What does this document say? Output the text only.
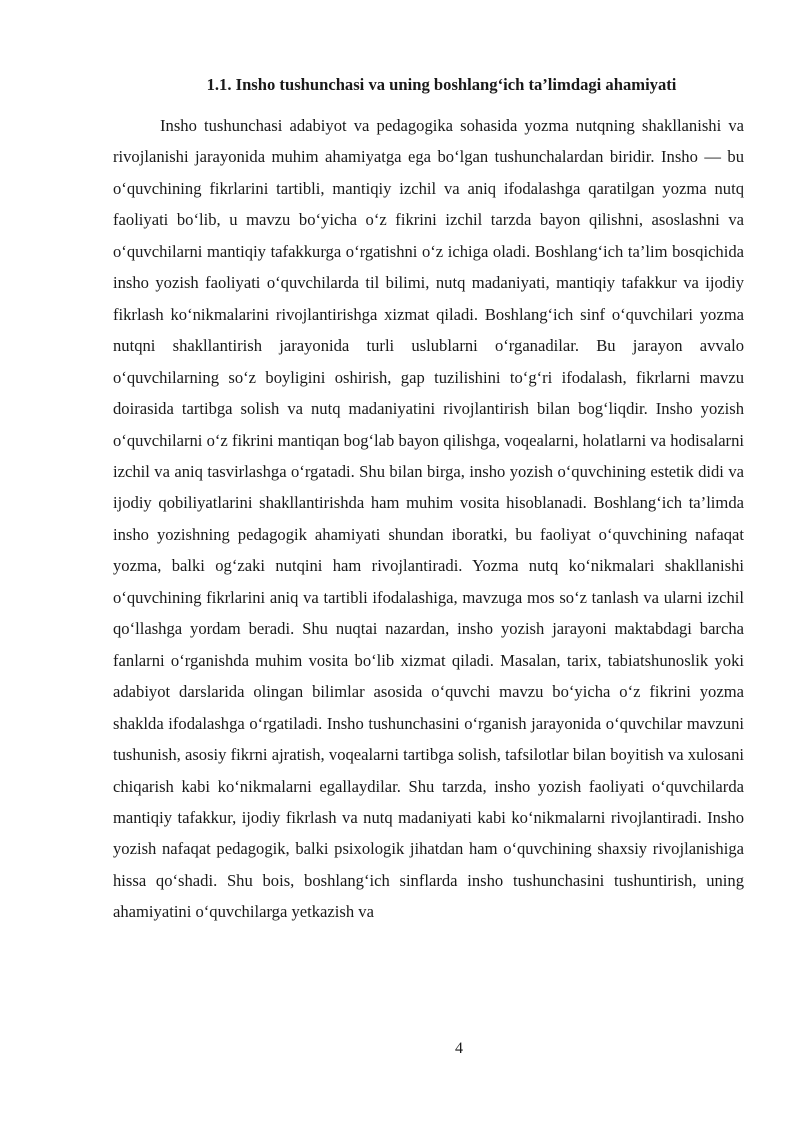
1.1. Insho tushunchasi va uning boshlang‘ich ta’limdagi ahamiyati

Insho tushunchasi adabiyot va pedagogika sohasida yozma nutqning shakllanishi va rivojlanishi jarayonida muhim ahamiyatga ega bo‘lgan tushunchalardan biridir. Insho — bu o‘quvchining fikrlarini tartibli, mantiqiy izchil va aniq ifodalashga qaratilgan yozma nutq faoliyati bo‘lib, u mavzu bo‘yicha o‘z fikrini izchil tarzda bayon qilishni, asoslashni va o‘quvchilarni mantiqiy tafakkurga o‘rgatishni o‘z ichiga oladi. Boshlang‘ich ta’lim bosqichida insho yozish faoliyati o‘quvchilarda til bilimi, nutq madaniyati, mantiqiy tafakkur va ijodiy fikrlash ko‘nikmalarini rivojlantirishga xizmat qiladi. Boshlang‘ich sinf o‘quvchilari yozma nutqni shakllantirish jarayonida turli uslublarni o‘rganadilar. Bu jarayon avvalo o‘quvchilarning so‘z boyligini oshirish, gap tuzilishini to‘g‘ri ifodalash, fikrlarni mavzu doirasida tartibga solish va nutq madaniyatini rivojlantirish bilan bog‘liqdir. Insho yozish o‘quvchilarni o‘z fikrini mantiqan bog‘lab bayon qilishga, voqealarni, holatlarni va hodisalarni izchil va aniq tasvirlashga o‘rgatadi. Shu bilan birga, insho yozish o‘quvchining estetik didi va ijodiy qobiliyatlarini shakllantirishda ham muhim vosita hisoblanadi. Boshlang‘ich ta’limda insho yozishning pedagogik ahamiyati shundan iboratki, bu faoliyat o‘quvchining nafaqat yozma, balki og‘zaki nutqini ham rivojlantiradi. Yozma nutq ko‘nikmalari shakllanishi o‘quvchining fikrlarini aniq va tartibli ifodalashiga, mavzuga mos so‘z tanlash va ularni izchil qo‘llashga yordam beradi. Shu nuqtai nazardan, insho yozish jarayoni maktabdagi barcha fanlarni o‘rganishda muhim vosita bo‘lib xizmat qiladi. Masalan, tarix, tabiatshunoslik yoki adabiyot darslarida olingan bilimlar asosida o‘quvchi mavzu bo‘yicha o‘z fikrini yozma shaklda ifodalashga o‘rgatiladi. Insho tushunchasini o‘rganish jarayonida o‘quvchilar mavzuni tushunish, asosiy fikrni ajratish, voqealarni tartibga solish, tafsilotlar bilan boyitish va xulosani chiqarish kabi ko‘nikmalarni egallaydilar. Shu tarzda, insho yozish faoliyati o‘quvchilarda mantiqiy tafakkur, ijodiy fikrlash va nutq madaniyati kabi ko‘nikmalarni rivojlantiradi. Insho yozish nafaqat pedagogik, balki psixologik jihatdan ham o‘quvchining shaxsiy rivojlanishiga hissa qo‘shadi. Shu bois, boshlang‘ich sinflarda insho tushunchasini tushuntirish, uning ahamiyatini o‘quvchilarga yetkazish va

4
